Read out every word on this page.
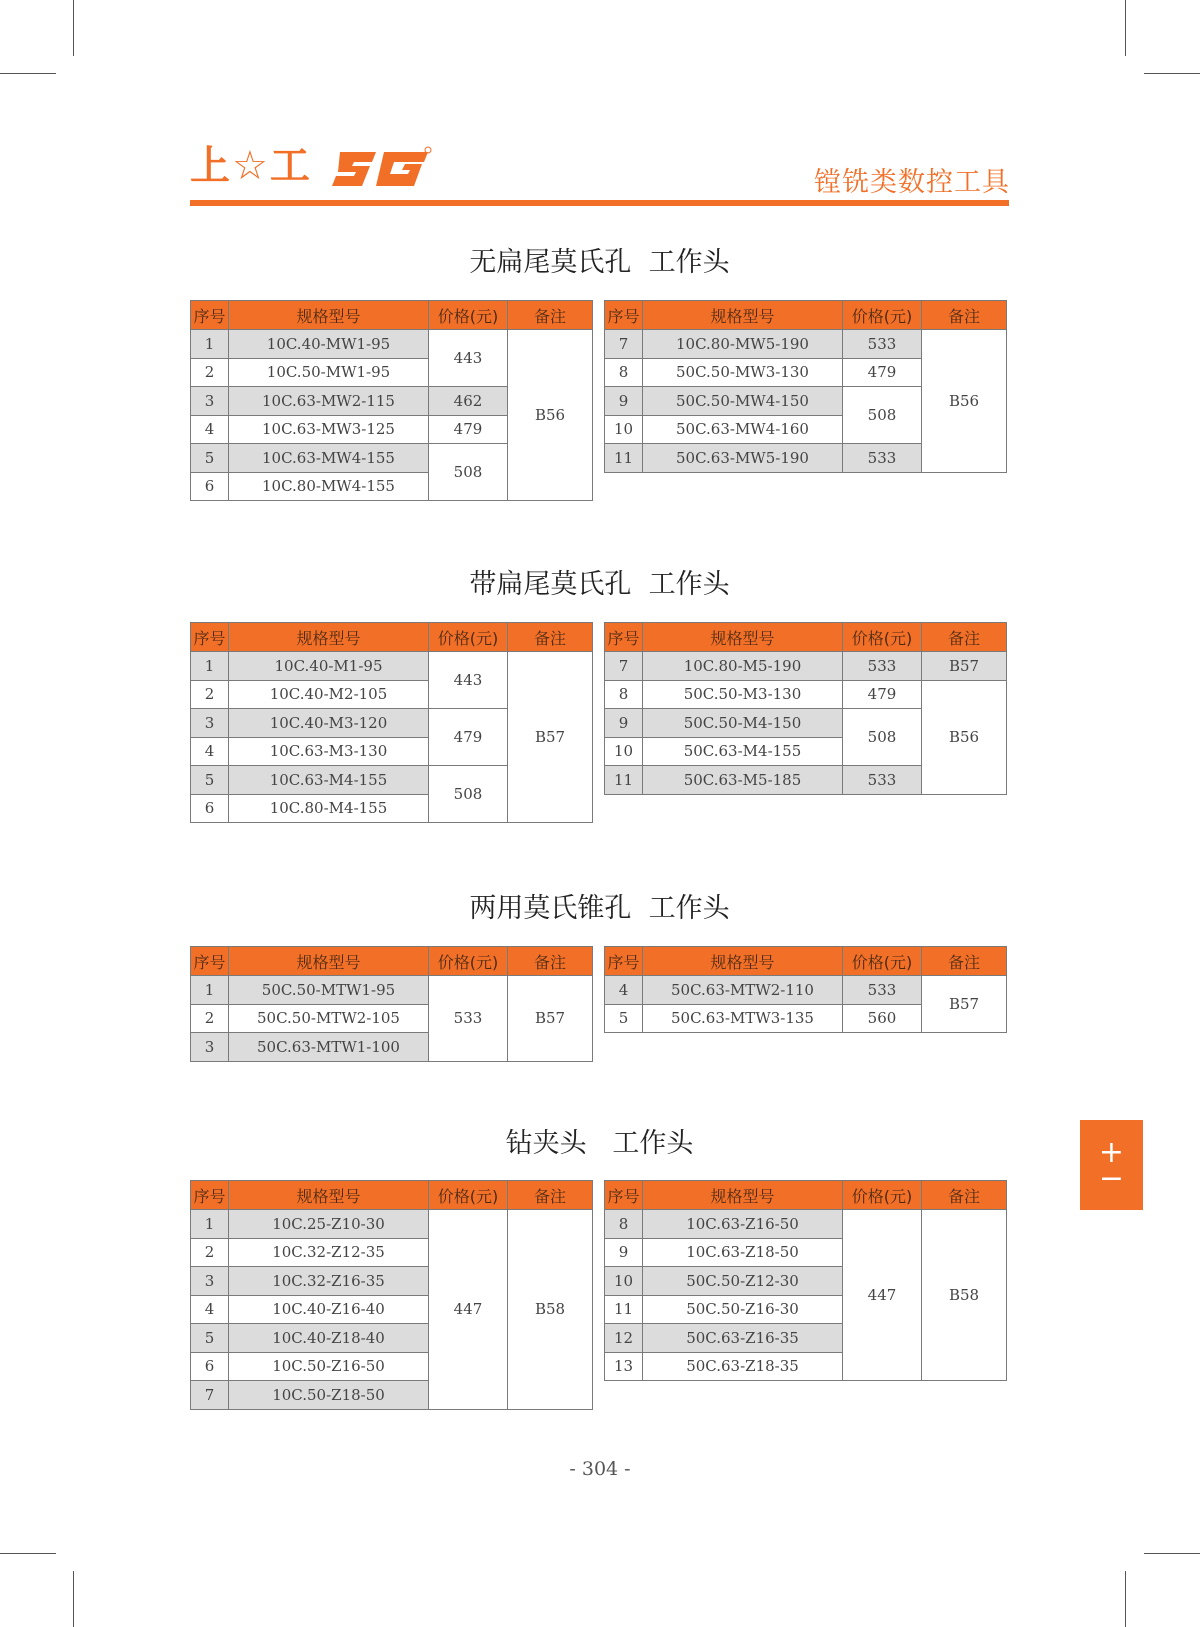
上☆工	镗铣类数控工具
无扁尾莫氏孔  工作头
序号	规格型号	价格(元)	备注
1	10C.40-MW1-95	443	B56
2	10C.50-MW1-95		
3	10C.63-MW2-115	462	
4	10C.63-MW3-125	479	
5	10C.63-MW4-155	508	
6	10C.80-MW4-155		
序号	规格型号	价格(元)	备注
7	10C.80-MW5-190	533	B56
8	50C.50-MW3-130	479	
9	50C.50-MW4-150	508	
10	50C.63-MW4-160		
11	50C.63-MW5-190	533	
带扁尾莫氏孔  工作头
序号	规格型号	价格(元)	备注
1	10C.40-M1-95	443	B57
2	10C.40-M2-105		
3	10C.40-M3-120	479	
4	10C.63-M3-130		
5	10C.63-M4-155	508	
6	10C.80-M4-155		
序号	规格型号	价格(元)	备注
7	10C.80-M5-190	533	B57
8	50C.50-M3-130	479	B56
9	50C.50-M4-150	508	
10	50C.63-M4-155		
11	50C.63-M5-185	533	
两用莫氏锥孔  工作头
序号	规格型号	价格(元)	备注
1	50C.50-MTW1-95	533	B57
2	50C.50-MTW2-105		
3	50C.63-MTW1-100		
序号	规格型号	价格(元)	备注
4	50C.63-MTW2-110	533	B57
5	50C.63-MTW3-135	560	
钻夹头   工作头
序号	规格型号	价格(元)	备注
1	10C.25-Z10-30	447	B58
2	10C.32-Z12-35		
3	10C.32-Z16-35		
4	10C.40-Z16-40		
5	10C.40-Z18-40		
6	10C.50-Z16-50		
7	10C.50-Z18-50		
序号	规格型号	价格(元)	备注
8	10C.63-Z16-50	447	B58
9	10C.63-Z18-50		
10	50C.50-Z12-30		
11	50C.50-Z16-30		
12	50C.63-Z16-35		
13	50C.63-Z18-35		
+
−
- 304 -
